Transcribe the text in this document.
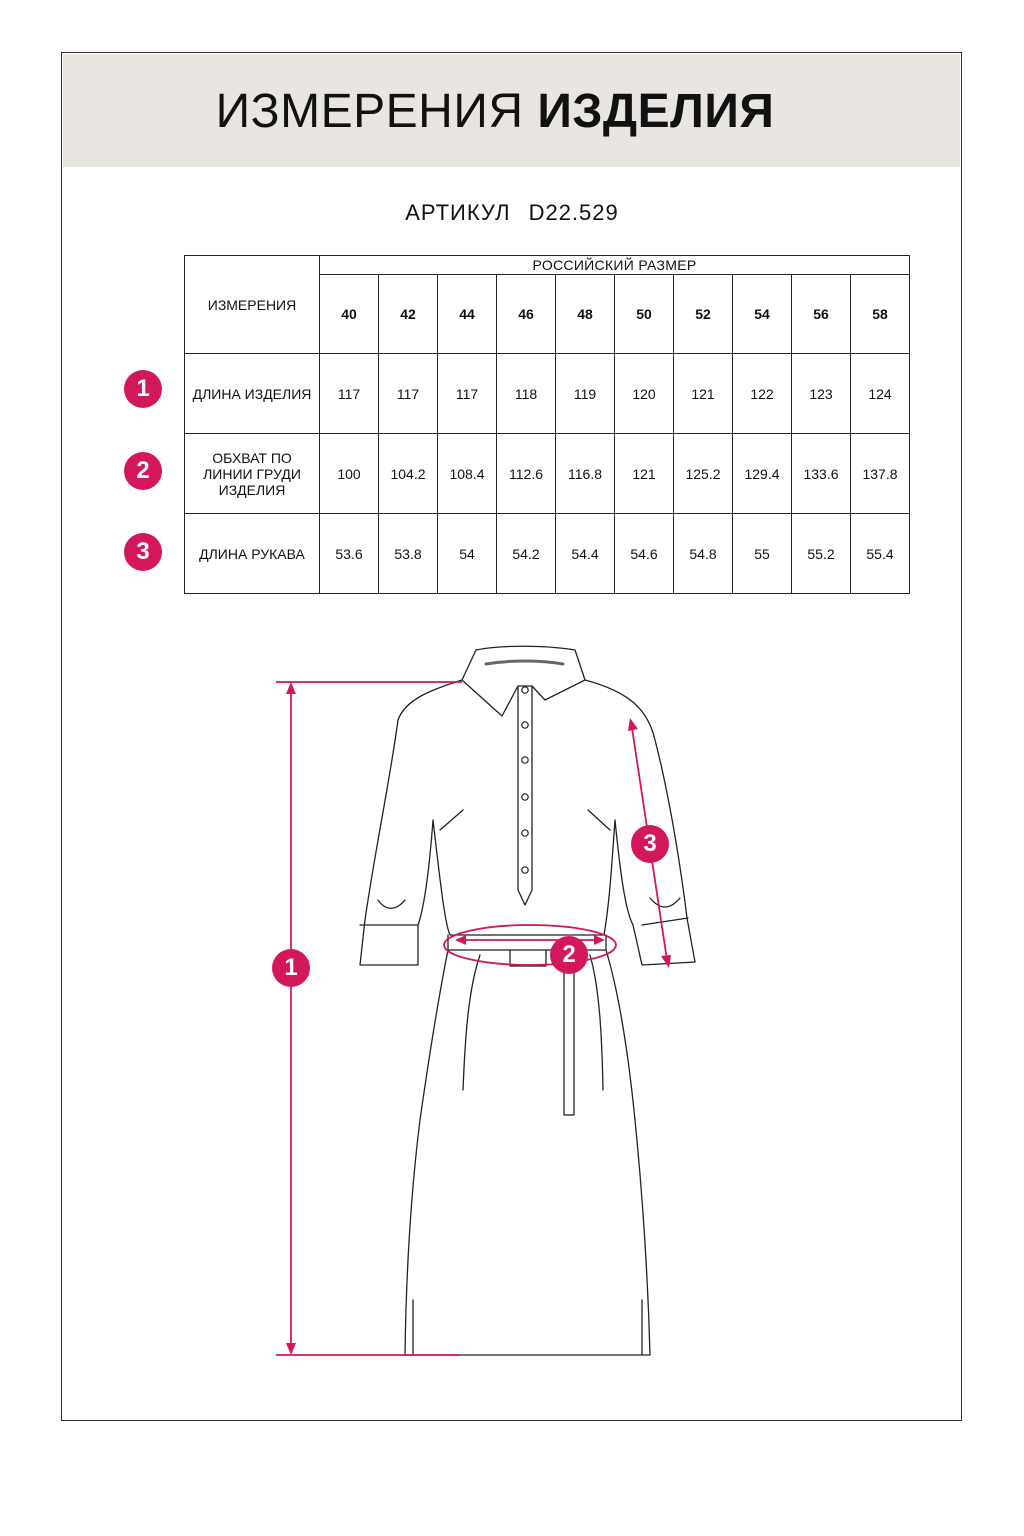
ИЗМЕРЕНИЯ ИЗДЕЛИЯ
АРТИКУЛ D22.529
ИЗМЕРЕНИЯ	РОССИЙСКИЙ РАЗМЕР									
	40	42	44	46	48	50	52	54	56	58
ДЛИНА ИЗДЕЛИЯ	117	117	117	118	119	120	121	122	123	124

ОБХВАТ ПО
ЛИНИИ ГРУДИ
ИЗДЕЛИЯ	100	104.2	108.4	112.6	116.8	121	125.2	129.4	133.6	137.8
ДЛИНА РУКАВА	53.6	53.8	54	54.2	54.4	54.6	54.8	55	55.2	55.4
1
2
3
1	2
3
